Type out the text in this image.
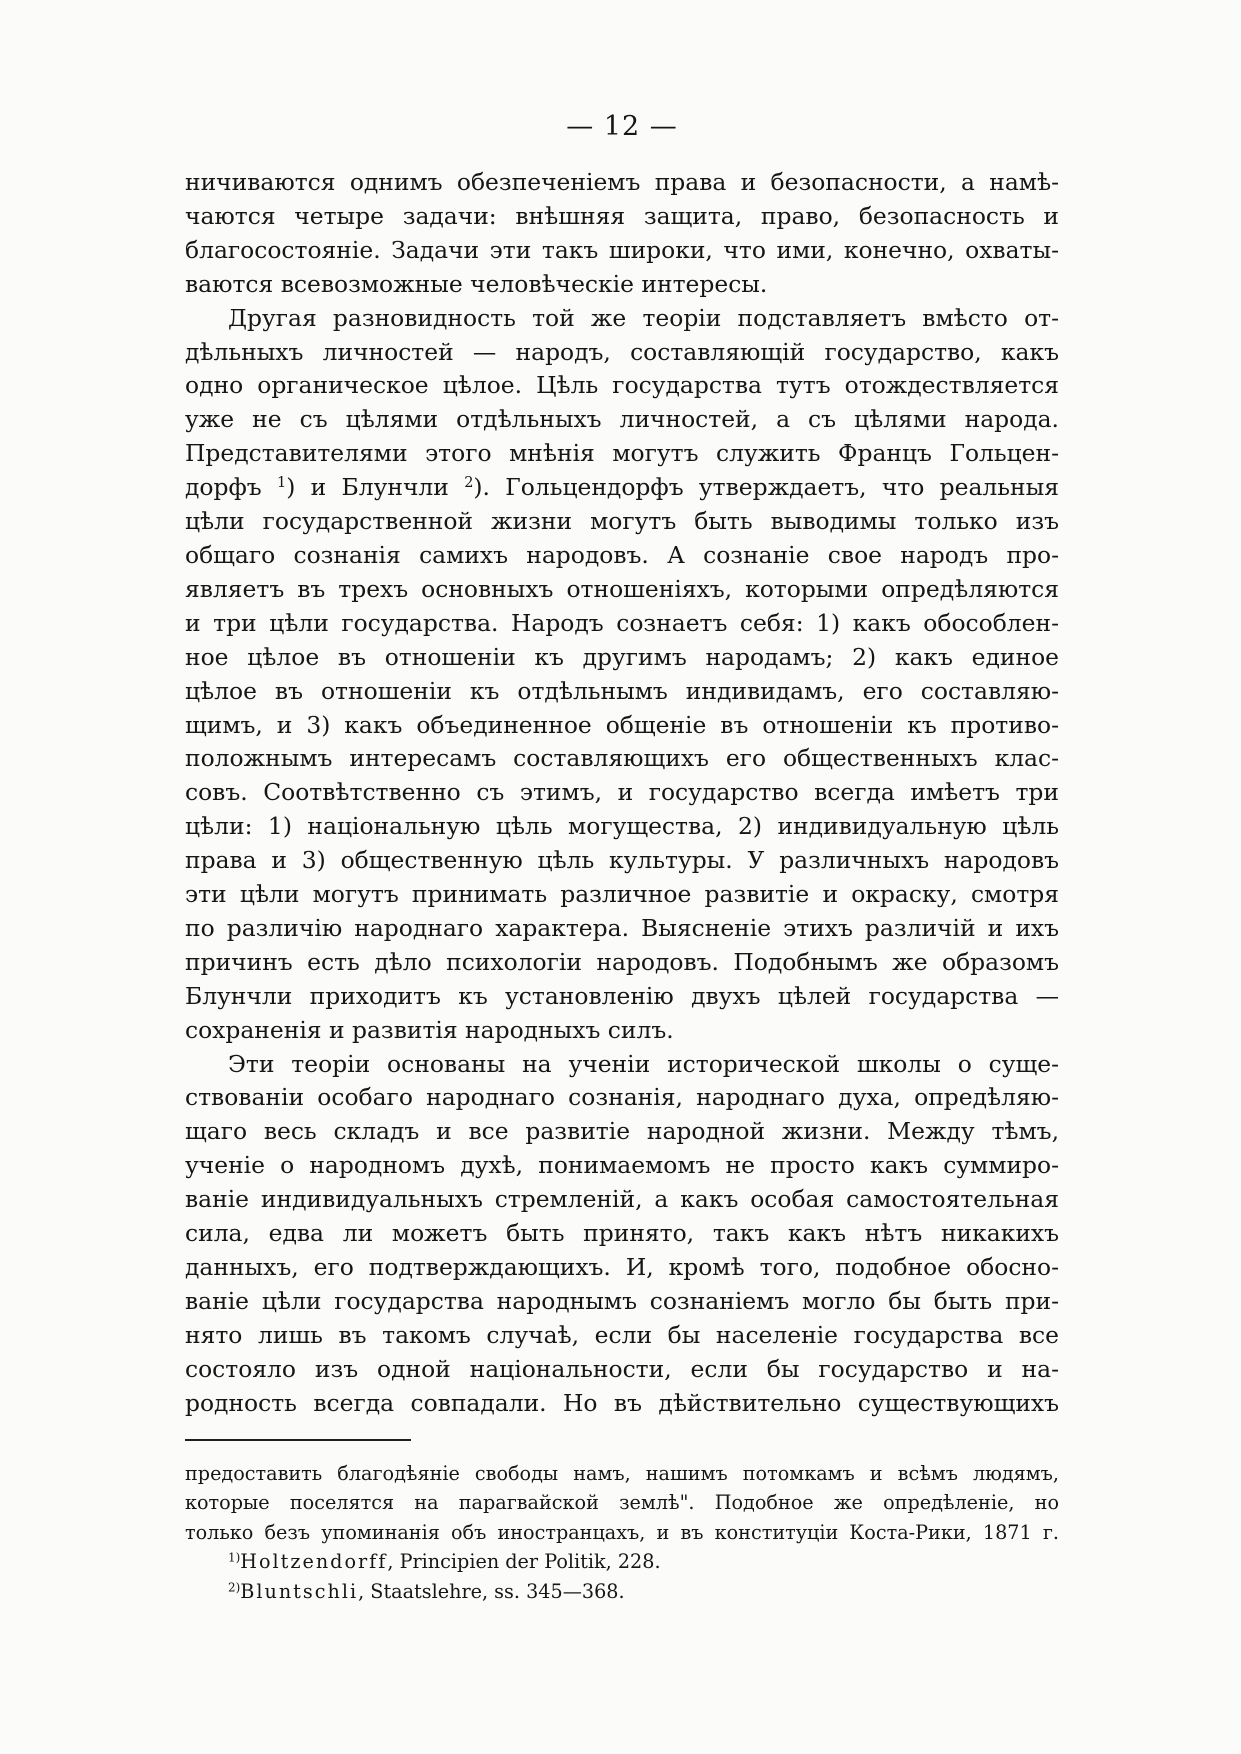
— 12 —

ничиваются однимъ обезпеченіемъ права и безопасности, а намѣ-

чаются четыре задачи: внѣшняя защита, право, безопасность и

благосостояніе. Задачи эти такъ широки, что ими, конечно, охваты-

ваются всевозможные человѣческіе интересы.

Другая разновидность той же теоріи подставляетъ вмѣсто от-

дѣльныхъ личностей — народъ, составляющій государство, какъ

одно органическое цѣлое. Цѣль государства тутъ отождествляется

уже не съ цѣлями отдѣльныхъ личностей, а съ цѣлями народа.

Представителями этого мнѣнія могутъ служить Францъ Гольцен-

дорфъ $^1$) и Блунчли $^2$). Гольцендорфъ утверждаетъ, что реальныя

цѣли государственной жизни могутъ быть выводимы только изъ

общаго сознанія самихъ народовъ. А сознаніе свое народъ про-

являетъ въ трехъ основныхъ отношеніяхъ, которыми опредѣляются

и три цѣли государства. Народъ сознаетъ себя: 1) какъ обособлен-

ное цѣлое въ отношеніи къ другимъ народамъ; 2) какъ единое

цѣлое въ отношеніи къ отдѣльнымъ индивидамъ, его составляю-

щимъ, и 3) какъ объединенное общеніе въ отношеніи къ противо-

положнымъ интересамъ составляющихъ его общественныхъ клас-

совъ. Соотвѣтственно съ этимъ, и государство всегда имѣетъ три

цѣли: 1) національную цѣль могущества, 2) индивидуальную цѣль

права и 3) общественную цѣль культуры. У различныхъ народовъ

эти цѣли могутъ принимать различное развитіе и окраску, смотря

по различію народнаго характера. Выясненіе этихъ различій и ихъ

причинъ есть дѣло психологіи народовъ. Подобнымъ же образомъ

Блунчли приходитъ къ установленію двухъ цѣлей государства —

сохраненія и развитія народныхъ силъ.

Эти теоріи основаны на ученіи исторической школы о суще-

ствованіи особаго народнаго сознанія, народнаго духа, опредѣляю-

щаго весь складъ и все развитіе народной жизни. Между тѣмъ,

ученіе о народномъ духѣ, понимаемомъ не просто какъ суммиро-

ваніе индивидуальныхъ стремленій, а какъ особая самостоятельная

сила, едва ли можетъ быть принято, такъ какъ нѣтъ никакихъ

данныхъ, его подтверждающихъ. И, кромѣ того, подобное обосно-

ваніе цѣли государства народнымъ сознаніемъ могло бы быть при-

нято лишь въ такомъ случаѣ, если бы населеніе государства все

состояло изъ одной національности, если бы государство и на-

родность всегда совпадали. Но въ дѣйствительно существующихъ

предоставить благодѣяніе свободы намъ, нашимъ потомкамъ и всѣмъ людямъ,

которые поселятся на парагвайской землѣ". Подобное же опредѣленіе, но

только безъ упоминанія объ иностранцахъ, и въ конституціи Коста-Рики, 1871 г.

$^{1)}$Holtzendorff, Principien der Politik, 228.

$^{2)}$Bluntschli, Staatslehre, ss. 345—368.
